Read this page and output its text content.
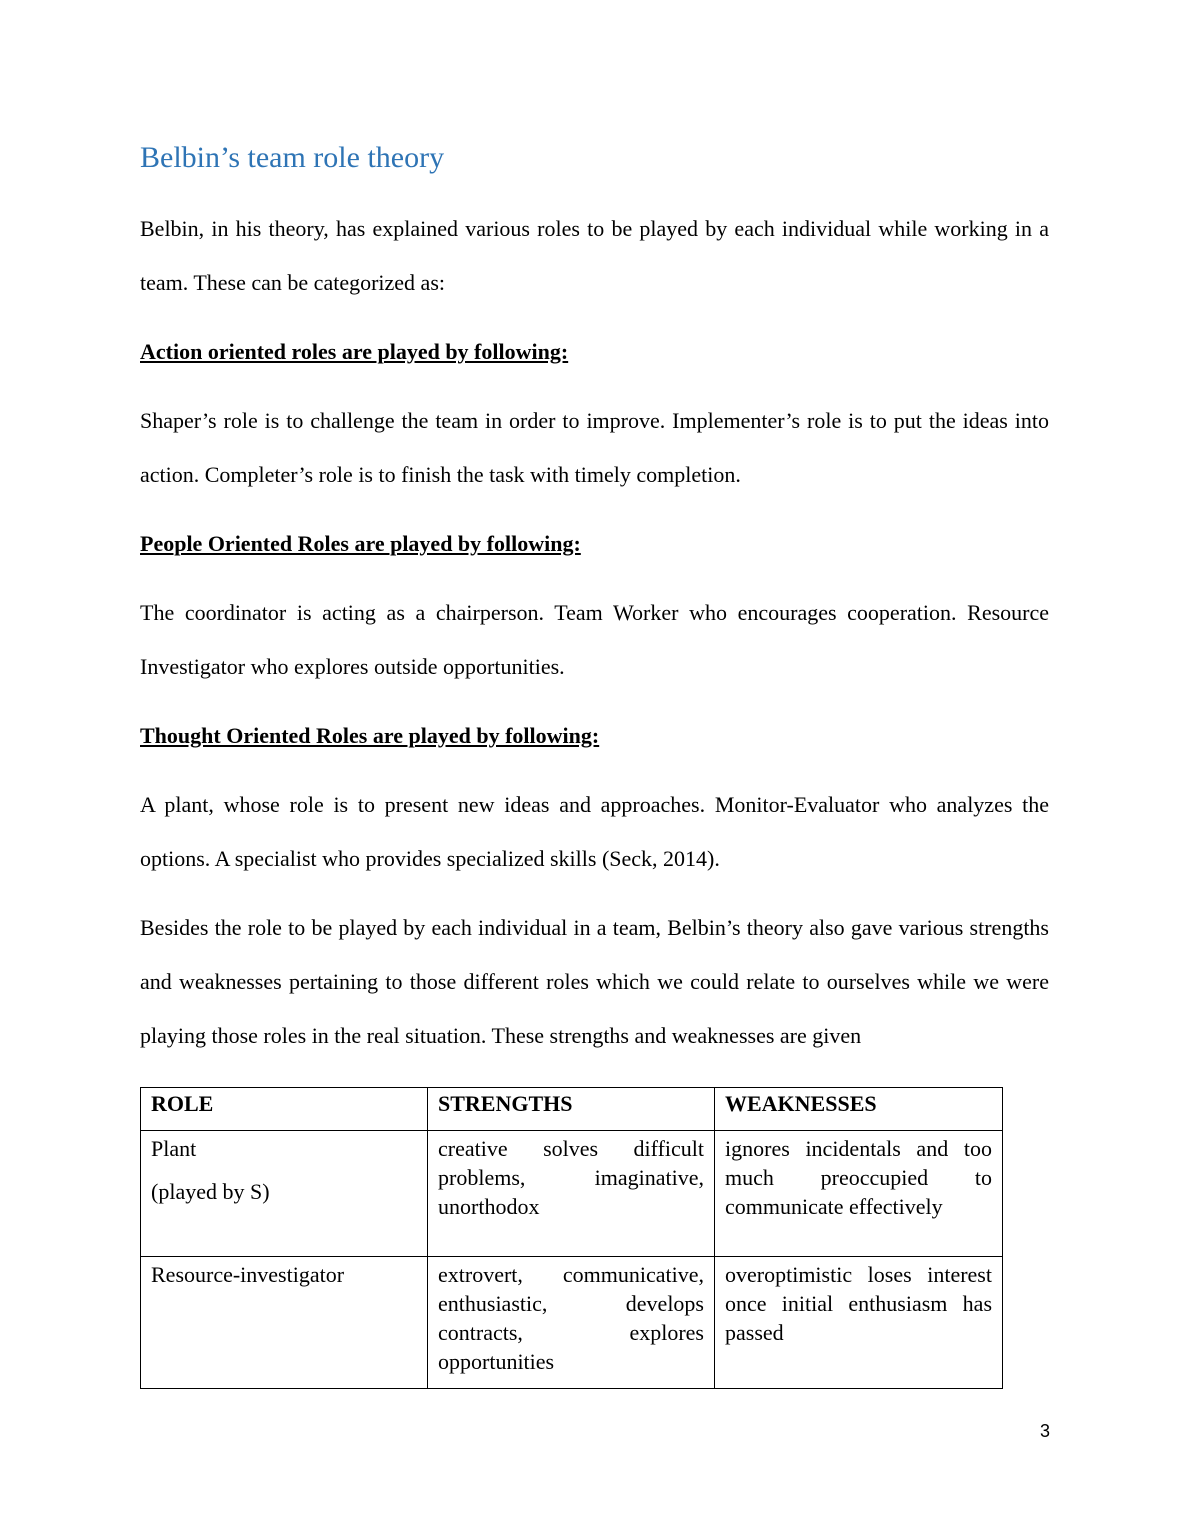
Belbin’s team role theory

Belbin, in his theory, has explained various roles to be played by each individual while working in a team. These can be categorized as:

Action oriented roles are played by following:

Shaper’s role is to challenge the team in order to improve. Implementer’s role is to put the ideas into action. Completer’s role is to finish the task with timely completion.

People Oriented Roles are played by following:

The coordinator is acting as a chairperson. Team Worker who encourages cooperation. Resource Investigator who explores outside opportunities.

Thought Oriented Roles are played by following:

A plant, whose role is to present new ideas and approaches. Monitor-Evaluator who analyzes the options. A specialist who provides specialized skills (Seck, 2014).

Besides the role to be played by each individual in a team, Belbin’s theory also gave various strengths and weaknesses pertaining to those different roles which we could relate to ourselves while we were playing those roles in the real situation. These strengths and weaknesses are given

ROLE	STRENGTHS	WEAKNESSES

Plant
(played by S)	creative solves difficult problems, imaginative, unorthodox	ignores incidentals and too much preoccupied to communicate effectively

Resource-investigator	extrovert, communicative, enthusiastic, develops contracts, explores opportunities	overoptimistic loses interest once initial enthusiasm has passed
3
